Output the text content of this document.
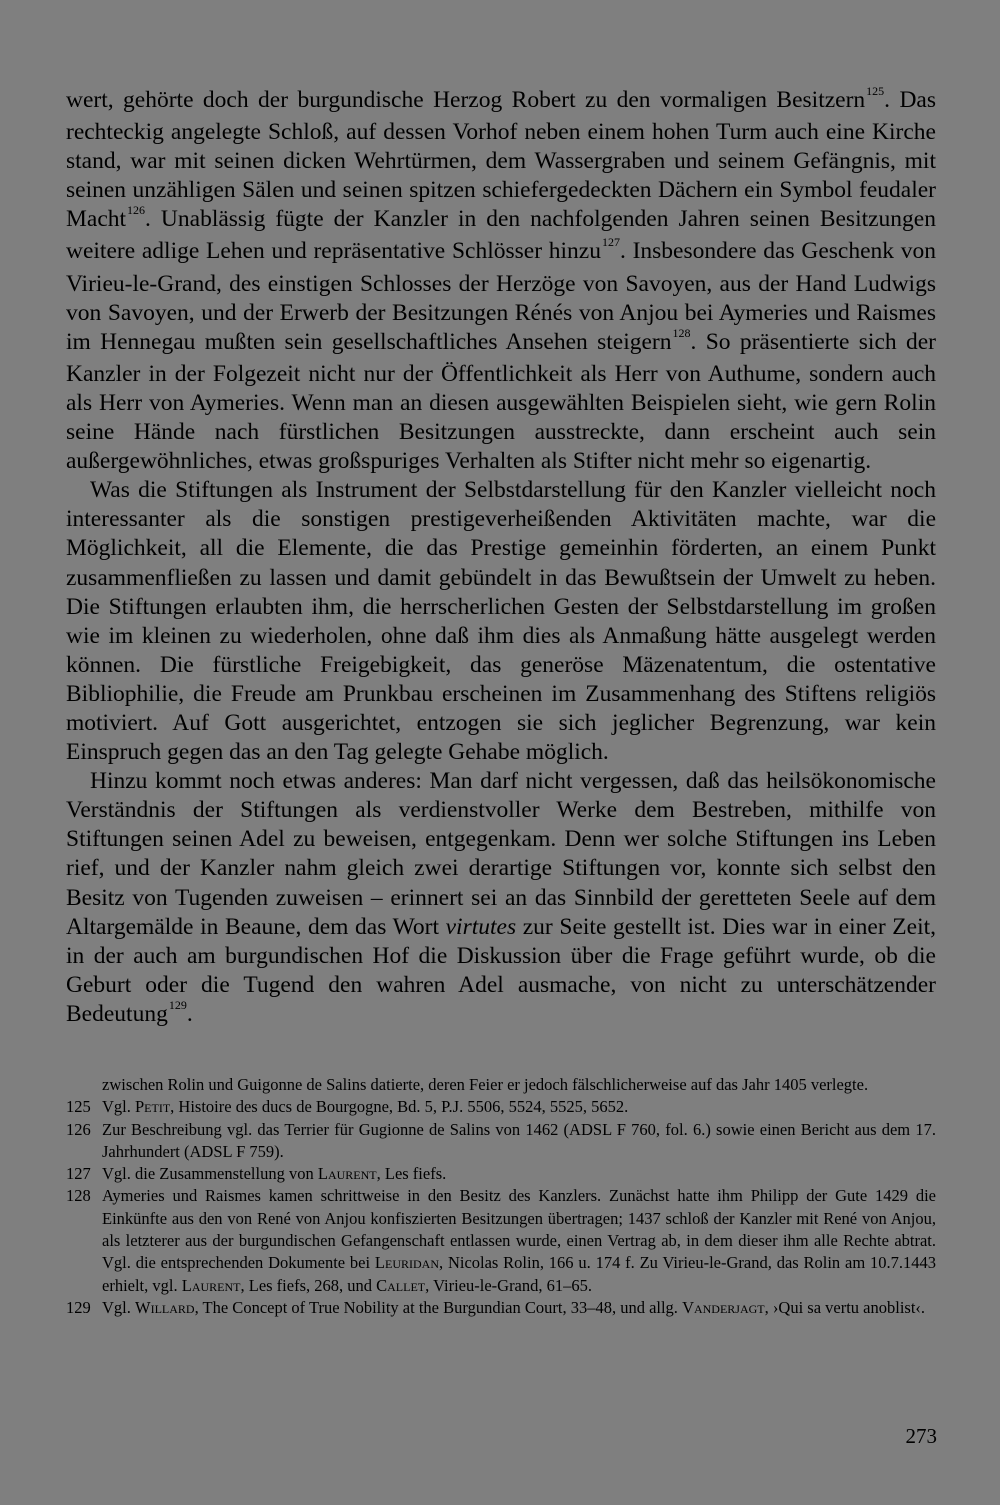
wert, gehörte doch der burgundische Herzog Robert zu den vormaligen Besitzern$^{125}$. Das rechteckig angelegte Schloß, auf dessen Vorhof neben einem hohen Turm auch eine Kirche stand, war mit seinen dicken Wehrtürmen, dem Wassergraben und seinem Gefängnis, mit seinen unzähligen Sälen und seinen spitzen schiefergedeckten Dächern ein Symbol feudaler Macht$^{126}$. Unablässig fügte der Kanzler in den nachfolgenden Jahren seinen Besitzungen weitere adlige Lehen und repräsentative Schlösser hinzu$^{127}$. Insbesondere das Geschenk von Virieu-le-Grand, des einstigen Schlosses der Herzöge von Savoyen, aus der Hand Ludwigs von Savoyen, und der Erwerb der Besitzungen Rénés von Anjou bei Aymeries und Raismes im Hennegau mußten sein gesellschaftliches Ansehen steigern$^{128}$. So präsentierte sich der Kanzler in der Folgezeit nicht nur der Öffentlichkeit als Herr von Authume, sondern auch als Herr von Aymeries. Wenn man an diesen ausgewählten Beispielen sieht, wie gern Rolin seine Hände nach fürstlichen Besitzungen ausstreckte, dann erscheint auch sein außergewöhnliches, etwas großspuriges Verhalten als Stifter nicht mehr so eigenartig.

Was die Stiftungen als Instrument der Selbstdarstellung für den Kanzler vielleicht noch interessanter als die sonstigen prestigeverheißenden Aktivitäten machte, war die Möglichkeit, all die Elemente, die das Prestige gemeinhin förderten, an einem Punkt zusammenfließen zu lassen und damit gebündelt in das Bewußtsein der Umwelt zu heben. Die Stiftungen erlaubten ihm, die herrscherlichen Gesten der Selbstdarstellung im großen wie im kleinen zu wiederholen, ohne daß ihm dies als Anmaßung hätte ausgelegt werden können. Die fürstliche Freigebigkeit, das generöse Mäzenatentum, die ostentative Bibliophilie, die Freude am Prunkbau erscheinen im Zusammenhang des Stiftens religiös motiviert. Auf Gott ausgerichtet, entzogen sie sich jeglicher Begrenzung, war kein Einspruch gegen das an den Tag gelegte Gehabe möglich.

Hinzu kommt noch etwas anderes: Man darf nicht vergessen, daß das heilsökonomische Verständnis der Stiftungen als verdienstvoller Werke dem Bestreben, mithilfe von Stiftungen seinen Adel zu beweisen, entgegenkam. Denn wer solche Stiftungen ins Leben rief, und der Kanzler nahm gleich zwei derartige Stiftungen vor, konnte sich selbst den Besitz von Tugenden zuweisen – erinnert sei an das Sinnbild der geretteten Seele auf dem Altargemälde in Beaune, dem das Wort virtutes zur Seite gestellt ist. Dies war in einer Zeit, in der auch am burgundischen Hof die Diskussion über die Frage geführt wurde, ob die Geburt oder die Tugend den wahren Adel ausmache, von nicht zu unterschätzender Bedeutung$^{129}$.

zwischen Rolin und Guigonne de Salins datierte, deren Feier er jedoch fälschlicherweise auf das Jahr 1405 verlegte.
125 Vgl. Petit, Histoire des ducs de Bourgogne, Bd. 5, P.J. 5506, 5524, 5525, 5652.
126 Zur Beschreibung vgl. das Terrier für Gugionne de Salins von 1462 (ADSL F 760, fol. 6.) sowie einen Bericht aus dem 17. Jahrhundert (ADSL F 759).
127 Vgl. die Zusammenstellung von Laurent, Les fiefs.
128 Aymeries und Raismes kamen schrittweise in den Besitz des Kanzlers. Zunächst hatte ihm Philipp der Gute 1429 die Einkünfte aus den von René von Anjou konfiszierten Besitzungen übertragen; 1437 schloß der Kanzler mit René von Anjou, als letzterer aus der burgundischen Gefangenschaft entlassen wurde, einen Vertrag ab, in dem dieser ihm alle Rechte abtrat. Vgl. die entsprechenden Dokumente bei Leuridan, Nicolas Rolin, 166 u. 174 f. Zu Virieu-le-Grand, das Rolin am 10.7.1443 erhielt, vgl. Laurent, Les fiefs, 268, und Callet, Virieu-le-Grand, 61–65.
129 Vgl. Willard, The Concept of True Nobility at the Burgundian Court, 33–48, und allg. Vanderjagt, ›Qui sa vertu anoblist‹.
273
